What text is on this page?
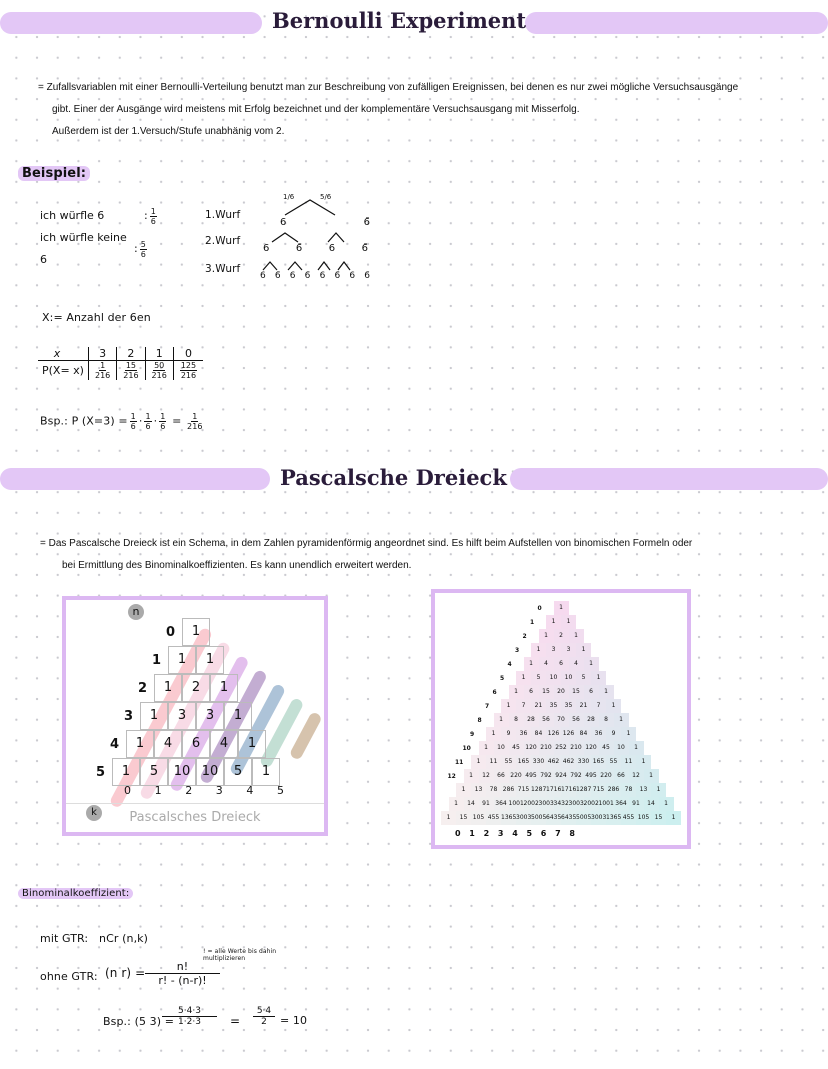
Bernoulli Experiment
= Zufallsvariablen mit einer Bernoulli-Verteilung benutzt man zur Beschreibung von zufälligen Ereignissen, bei denen es nur zwei mögliche Versuchsausgänge
gibt. Einer der Ausgänge wird meistens mit Erfolg bezeichnet und der komplementäre Versuchsausgang mit Misserfolg.
Außerdem ist der 1.Versuch/Stufe unabhänig vom 2.
Beispiel:
ich würfle 6	: $\frac{1}{6}$
ich würfle keine 6
: $\frac{5}{6}$
1.Wurf
2.Wurf
3.Wurf
1/6	5/6
6	6̄
6	6̄	6	6̄
6 6̄ 6 6̄ 6 6̄ 6 6̄
X:= Anzahl der 6en
x	3	2	1	0
P(X= x)	$\frac{1}{216}$	$\frac{15}{216}$	$\frac{50}{216}$	$\frac{125}{216}$
Bsp.: P $(X=3) = \frac{1}{6} \cdot \frac{1}{6} \cdot \frac{1}{6} = \frac{1}{216}$
Pascalsche Dreieck
= Das Pascalsche Dreieck ist ein Schema, in dem Zahlen pyramidenförmig angeordnet sind. Es hilft beim Aufstellen von binomischen Formeln oder
bei Ermittlung des Binominalkoeffizienten. Es kann unendlich erweitert werden.
n
0	1
1	1	1
2	1	2	1
3	1	3	3	1
4	1	4	6	4	1
5	1	5	10 10	5	1
0 1 2 3 4 5
Pascalsches Dreieck
k
0	1
1	1	1
2	1	2	1
3	1	3	3	1
4	1	4	6	4	1
5	1	5	10	10	5	1
6	1	6	15	20	15	6	1
7	1	7	21	35	35	21	7	1
8	1	8	28	56	70	56	28	8	1
9	1	9	36	84 126 126 84	36	9	1
10	1	10	45 120 210 252 210 120 45	10	1
11	1	11	55 165 330 462 462 330 165 55	11	1
12	1	12	66 220 495 792 924 792 495 220 66	12	1
1	13	78 286 715 1287 1716 1716 1287 715 286 78	13	1
1	14	91 364 1001 2002 3003 3432 3003 2002 1001 364 91	14	1
1	15 105 455 1365 3003 5005 6435 6435 5005 3003 1365 455 105 15	1
0 1 2 3 4 5 6 7 8
Binominalkoeffizient:
mit GTR: nCr (n,k)
ohne GTR: (n $r) = \frac{n!}{r! - (n-r)!}$
! = alle Werte bis dahin multiplizieren
Bsp.: (5 3) =
$\frac{5\cdot 4\cdot 3}{1\cdot 2\cdot 3} = \frac{5\cdot 4}{2} = 10$
